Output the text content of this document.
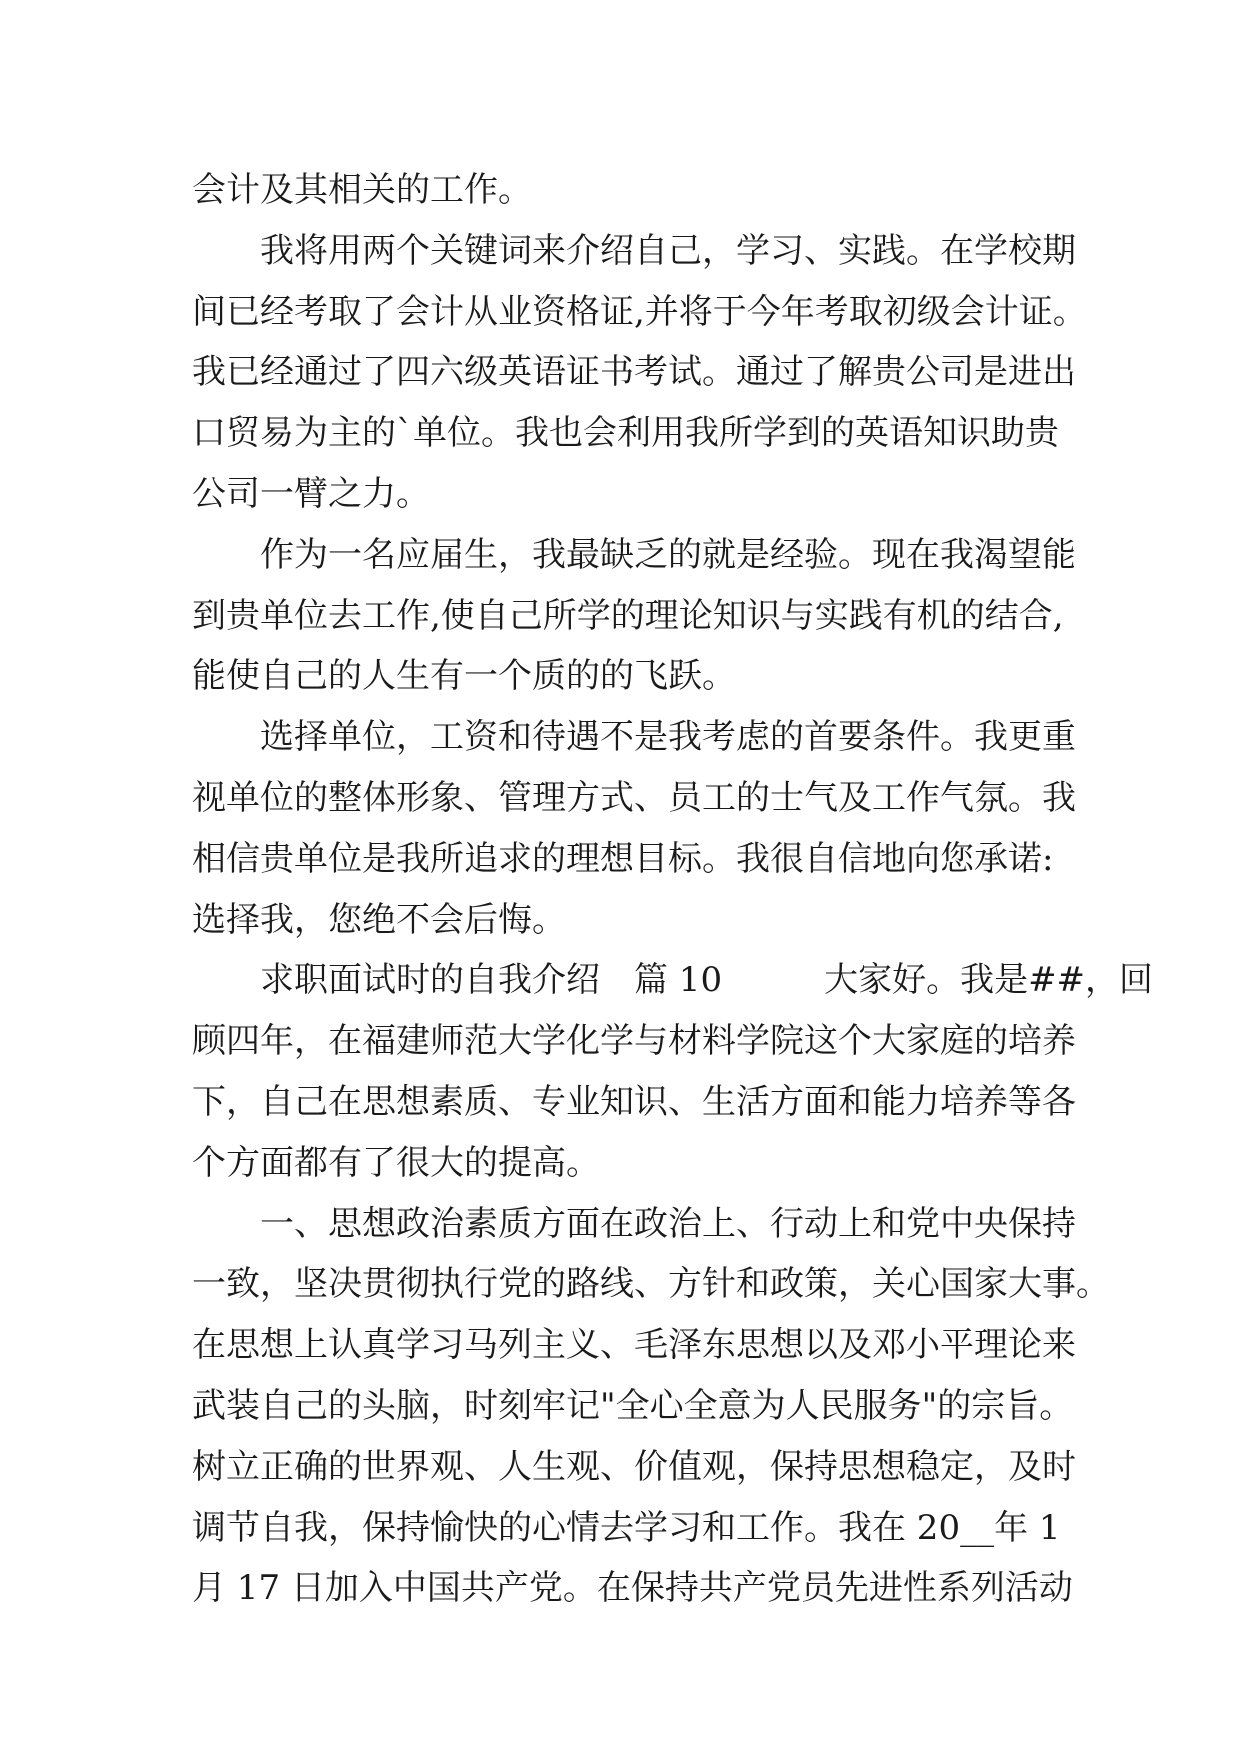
会计及其相关的工作。
　　我将用两个关键词来介绍自己，学习、实践。在学校期
间已经考取了会计从业资格证,并将于今年考取初级会计证。
我已经通过了四六级英语证书考试。通过了解贵公司是进出
口贸易为主的`单位。我也会利用我所学到的英语知识助贵
公司一臂之力。
　　作为一名应届生，我最缺乏的就是经验。现在我渴望能
到贵单位去工作,使自己所学的理论知识与实践有机的结合,
能使自己的人生有一个质的的飞跃。
　　选择单位，工资和待遇不是我考虑的首要条件。我更重
视单位的整体形象、管理方式、员工的士气及工作气氛。我
相信贵单位是我所追求的理想目标。我很自信地向您承诺:
选择我，您绝不会后悔。
　　求职面试时的自我介绍　篇 10　　　大家好。我是##，回
顾四年，在福建师范大学化学与材料学院这个大家庭的培养
下，自己在思想素质、专业知识、生活方面和能力培养等各
个方面都有了很大的提高。
　　一、思想政治素质方面在政治上、行动上和党中央保持
一致，坚决贯彻执行党的路线、方针和政策，关心国家大事。
在思想上认真学习马列主义、毛泽东思想以及邓小平理论来
武装自己的头脑，时刻牢记"全心全意为人民服务"的宗旨。
树立正确的世界观、人生观、价值观，保持思想稳定，及时
调节自我，保持愉快的心情去学习和工作。我在 20__年 1
月 17 日加入中国共产党。在保持共产党员先进性系列活动
